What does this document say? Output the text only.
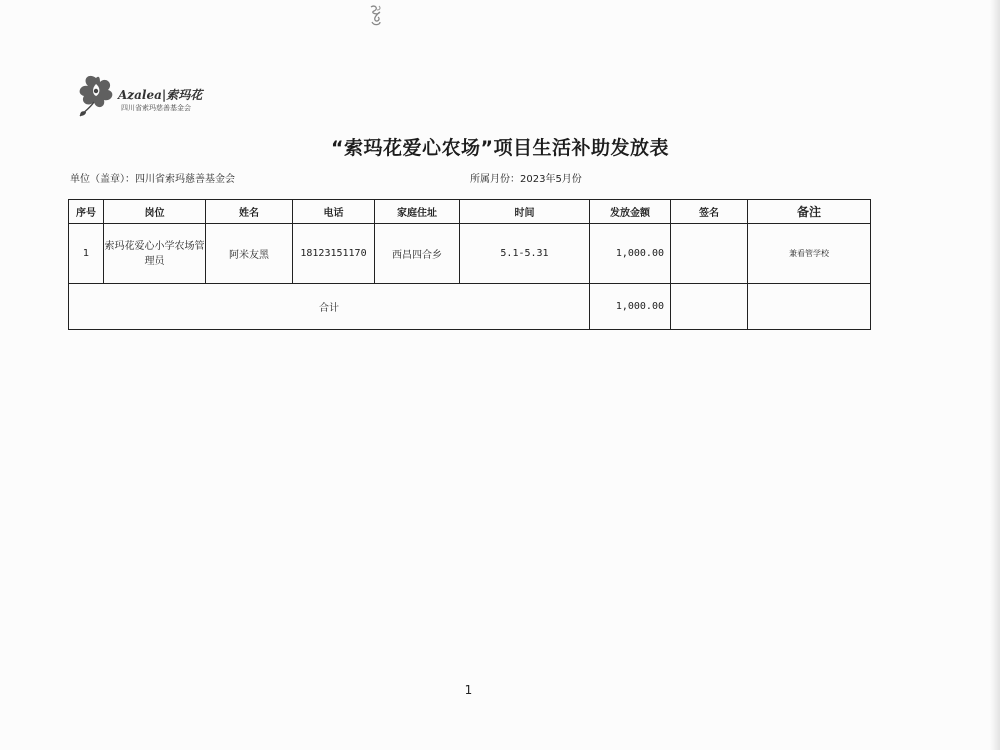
Azalea|索玛花
四川省索玛慈善基金会
“索玛花爱心农场”项目生活补助发放表
单位（盖章）：四川省索玛慈善基金会	所属月份：2023年5月份
序号	岗位	姓名	电话	家庭住址	时间	发放金额	签名	备注
1	索玛花爱心小学农场管理员	阿米友黑	18123151170	西昌四合乡	5.1-5.31	1,000.00		兼看管学校
合计						1,000.00		
1
